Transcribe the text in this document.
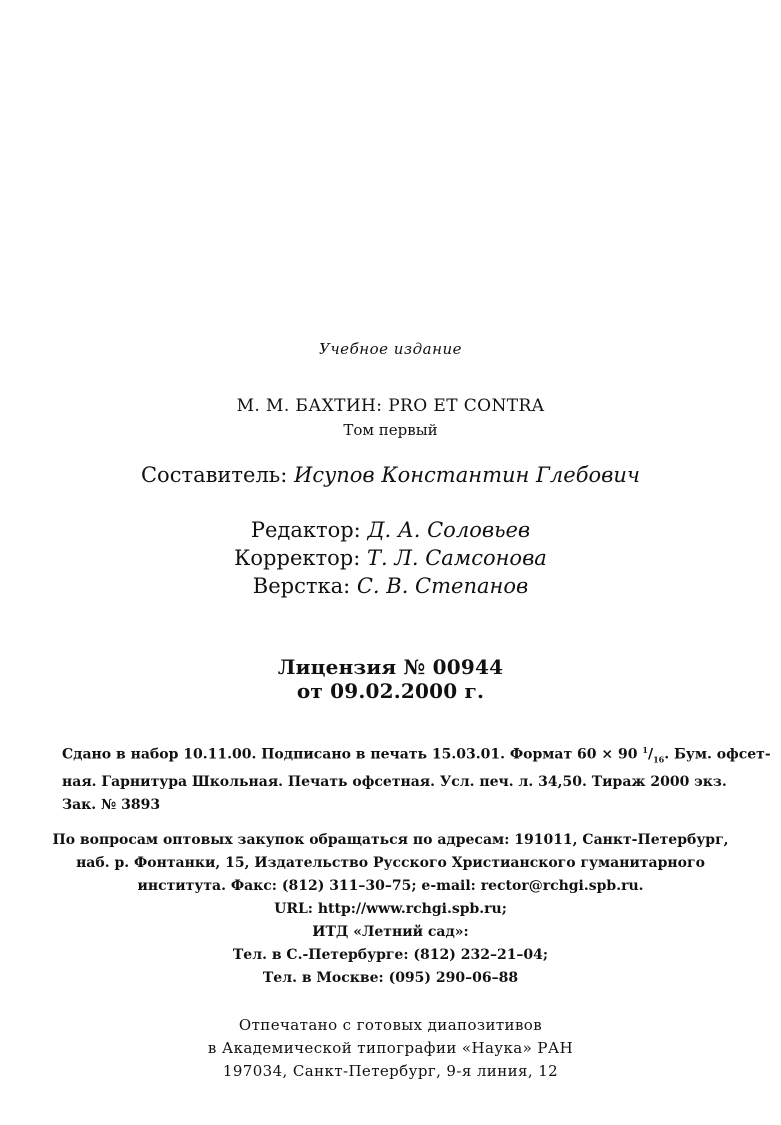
Учебное издание
М. М. БАХТИН: PRO ET CONTRA
Том первый
Составитель: Исупов Константин Глебович
Редактор: Д. А. Соловьев
Корректор: Т. Л. Самсонова
Верстка: С. В. Степанов
Лицензия № 00944
от 09.02.2000 г.
Сдано в набор 10.11.00. Подписано в печать 15.03.01. Формат 60 × 90 $^1/_{16}$. Бум. офсет-
ная. Гарнитура Школьная. Печать офсетная. Усл. печ. л. 34,50. Тираж 2000 экз.
Зак. № 3893
По вопросам оптовых закупок обращаться по адресам: 191011, Санкт-Петербург,
наб. р. Фонтанки, 15, Издательство Русского Христианского гуманитарного
института. Факс: (812) 311–30–75; e-mail: rector@rchgi.spb.ru.
URL: http://www.rchgi.spb.ru;
ИТД «Летний сад»:
Тел. в С.-Петербурге: (812) 232–21–04;
Тел. в Москве: (095) 290–06–88
Отпечатано с готовых диапозитивов
в Академической типографии «Наука» РАН
197034, Санкт-Петербург, 9-я линия, 12
